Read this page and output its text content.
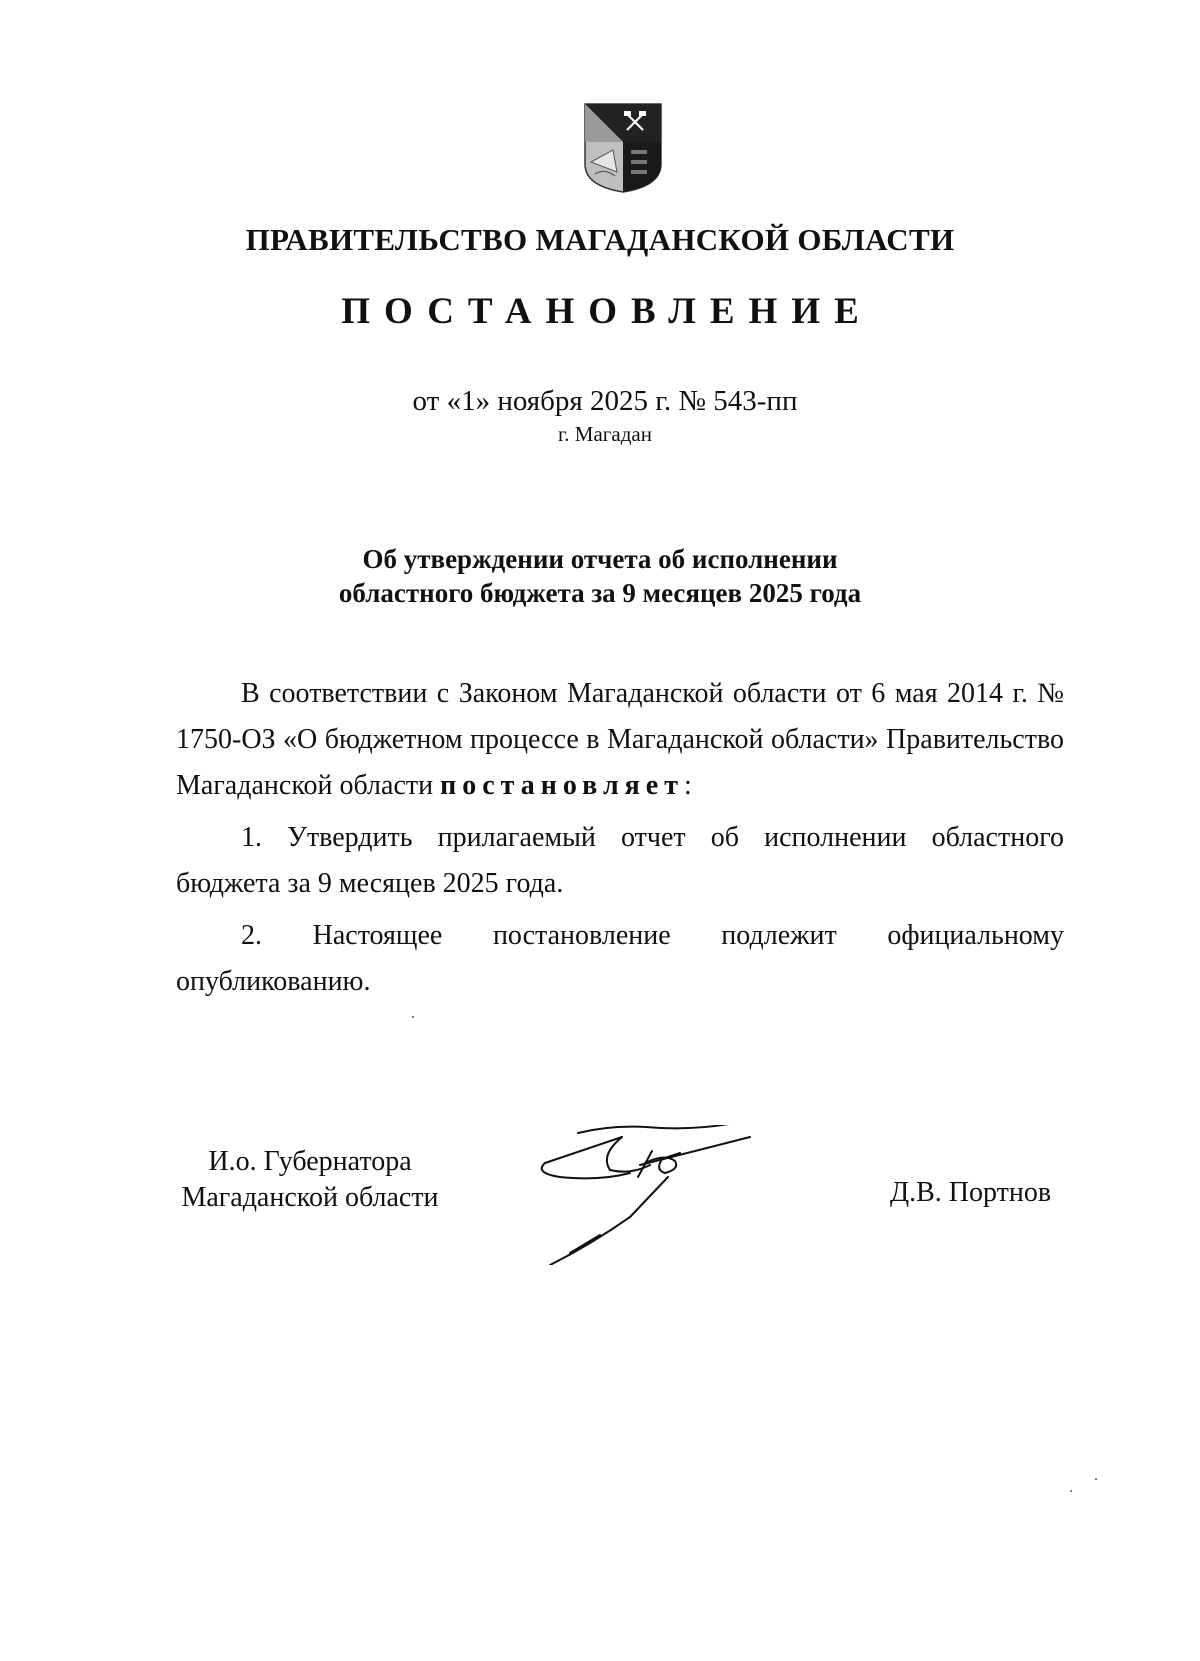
ПРАВИТЕЛЬСТВО МАГАДАНСКОЙ ОБЛАСТИ
ПОСТАНОВЛЕНИЕ
от «1» ноября 2025 г. № 543-пп
г. Магадан
Об утверждении отчета об исполнении
областного бюджета за 9 месяцев 2025 года

В соответствии с Законом Магаданской области от 6 мая 2014 г. № 1750-ОЗ «О бюджетном процессе в Магаданской области» Правительство Магаданской области постановляет:

1. Утвердить прилагаемый отчет об исполнении областного бюджета за 9 месяцев 2025 года.

2. Настоящее постановление подлежит официальному

опубликованию.

И.о. Губернатора
Магаданской области	Д.В. Портнов
